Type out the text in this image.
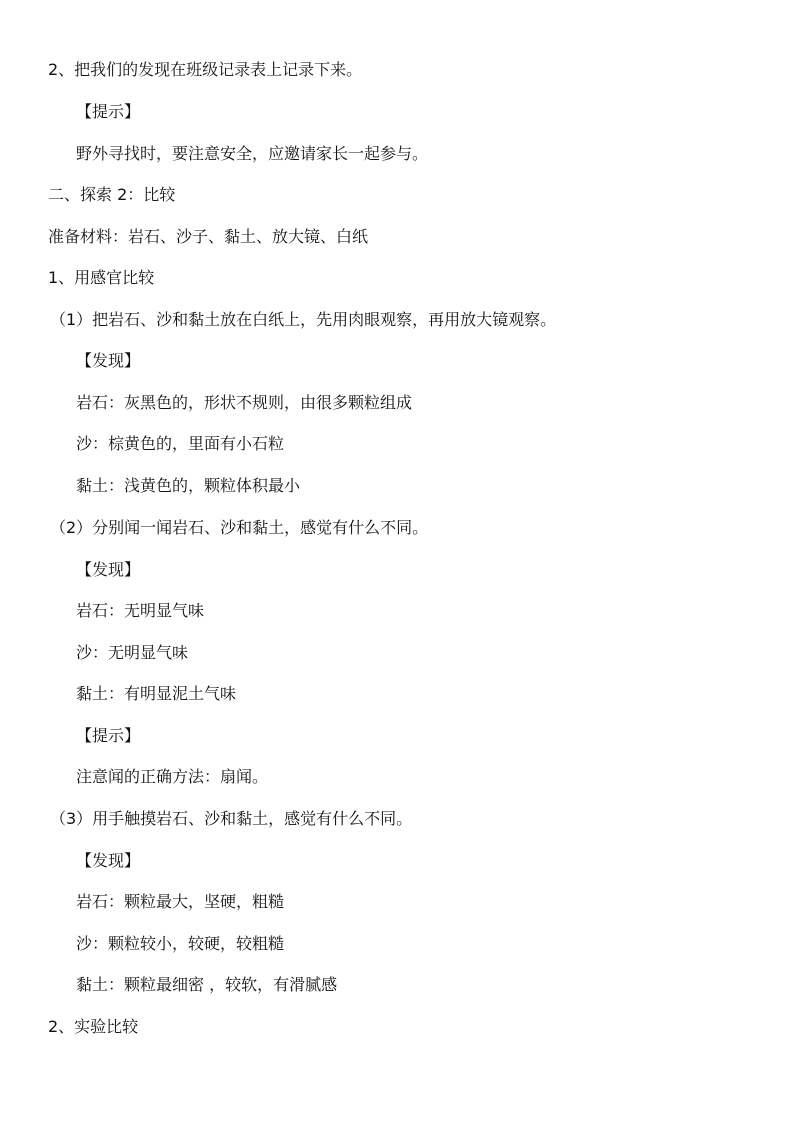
2、把我们的发现在班级记录表上记录下来。

【提示】

野外寻找时，要注意安全，应邀请家长一起参与。

二、探索 2：比较

准备材料：岩石、沙子、黏土、放大镜、白纸

1、用感官比较

（1）把岩石、沙和黏土放在白纸上，先用肉眼观察，再用放大镜观察。

【发现】

岩石：灰黑色的，形状不规则，由很多颗粒组成

沙：棕黄色的，里面有小石粒

黏土：浅黄色的，颗粒体积最小

（2）分别闻一闻岩石、沙和黏土，感觉有什么不同。

【发现】

岩石：无明显气味

沙：无明显气味

黏土：有明显泥土气味

【提示】

注意闻的正确方法：扇闻。

（3）用手触摸岩石、沙和黏土，感觉有什么不同。

【发现】

岩石：颗粒最大，坚硬，粗糙

沙：颗粒较小，较硬，较粗糙

黏土：颗粒最细密 ，较软，有滑腻感

2、实验比较
